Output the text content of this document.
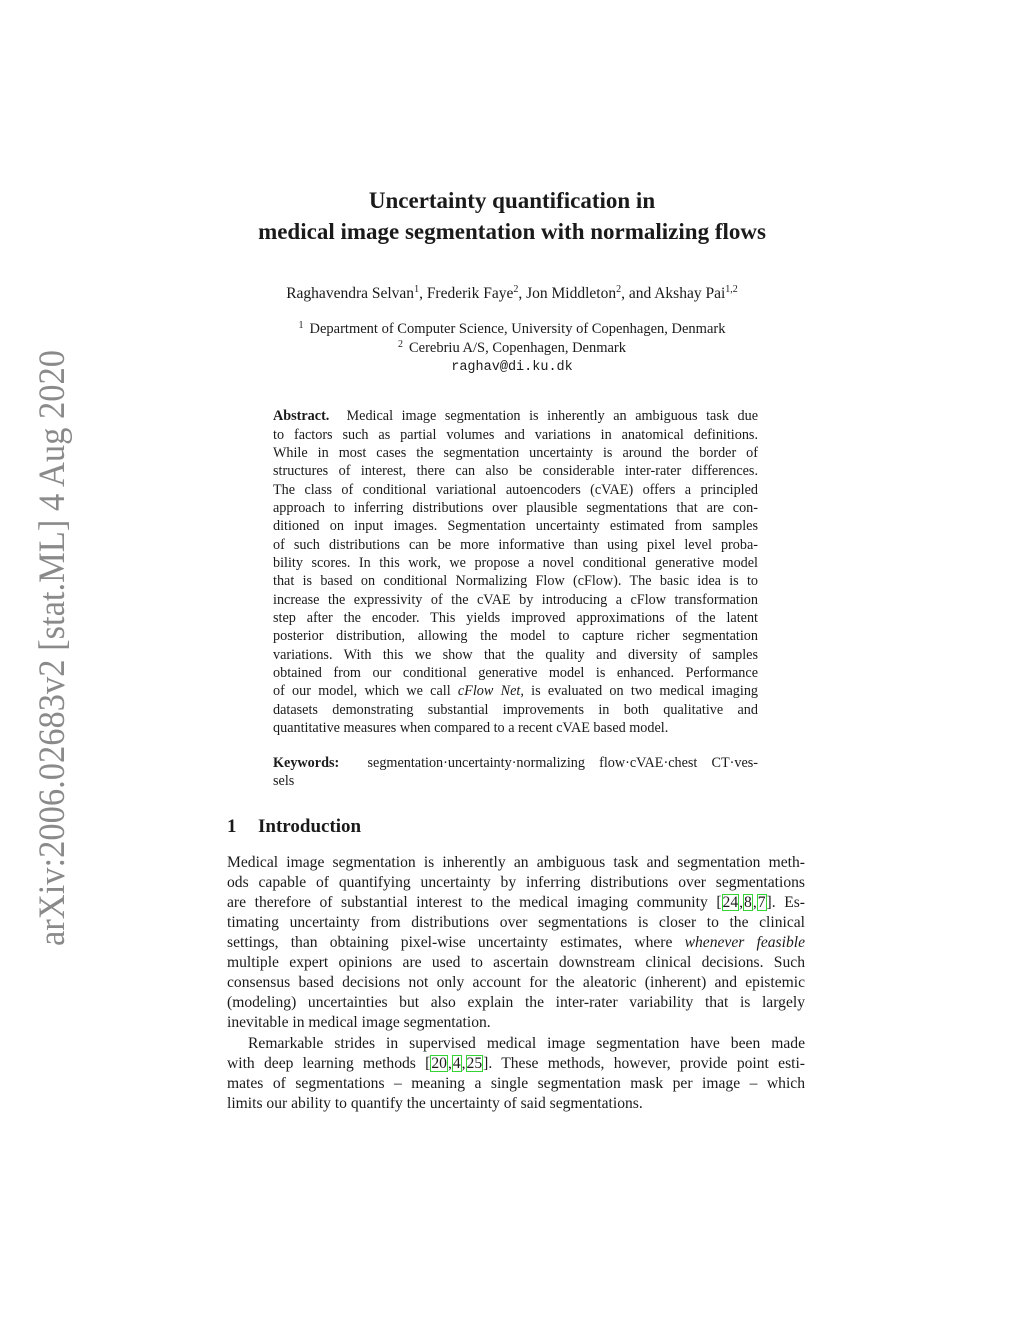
arXiv:2006.02683v2 [stat.ML] 4 Aug 2020
Uncertainty quantification in
medical image segmentation with normalizing flows
Raghavendra Selvan$^1$, Frederik Faye$^2$, Jon Middleton$^2$, and Akshay Pai$^{1,2}$
$^1$ Department of Computer Science, University of Copenhagen, Denmark
$^2$ Cerebriu A/S, Copenhagen, Denmark
raghav@di.ku.dk
Abstract. Medical image segmentation is inherently an ambiguous task due
to factors such as partial volumes and variations in anatomical definitions.
While in most cases the segmentation uncertainty is around the border of
structures of interest, there can also be considerable inter-rater differences.
The class of conditional variational autoencoders (cVAE) offers a principled
approach to inferring distributions over plausible segmentations that are con-
ditioned on input images. Segmentation uncertainty estimated from samples
of such distributions can be more informative than using pixel level proba-
bility scores. In this work, we propose a novel conditional generative model
that is based on conditional Normalizing Flow (cFlow). The basic idea is to
increase the expressivity of the cVAE by introducing a cFlow transformation
step after the encoder. This yields improved approximations of the latent
posterior distribution, allowing the model to capture richer segmentation
variations. With this we show that the quality and diversity of samples
obtained from our conditional generative model is enhanced. Performance
of our model, which we call cFlow Net, is evaluated on two medical imaging
datasets demonstrating substantial improvements in both qualitative and
quantitative measures when compared to a recent cVAE based model.
Keywords: segmentation·uncertainty·normalizing flow·cVAE·chest CT·ves-
sels
1 Introduction
Medical image segmentation is inherently an ambiguous task and segmentation meth-
ods capable of quantifying uncertainty by inferring distributions over segmentations
are therefore of substantial interest to the medical imaging community [24,8,7]. Es-
timating uncertainty from distributions over segmentations is closer to the clinical
settings, than obtaining pixel-wise uncertainty estimates, where whenever feasible
multiple expert opinions are used to ascertain downstream clinical decisions. Such
consensus based decisions not only account for the aleatoric (inherent) and epistemic
(modeling) uncertainties but also explain the inter-rater variability that is largely
inevitable in medical image segmentation.
Remarkable strides in supervised medical image segmentation have been made
with deep learning methods [20,4,25]. These methods, however, provide point esti-
mates of segmentations – meaning a single segmentation mask per image – which
limits our ability to quantify the uncertainty of said segmentations.
